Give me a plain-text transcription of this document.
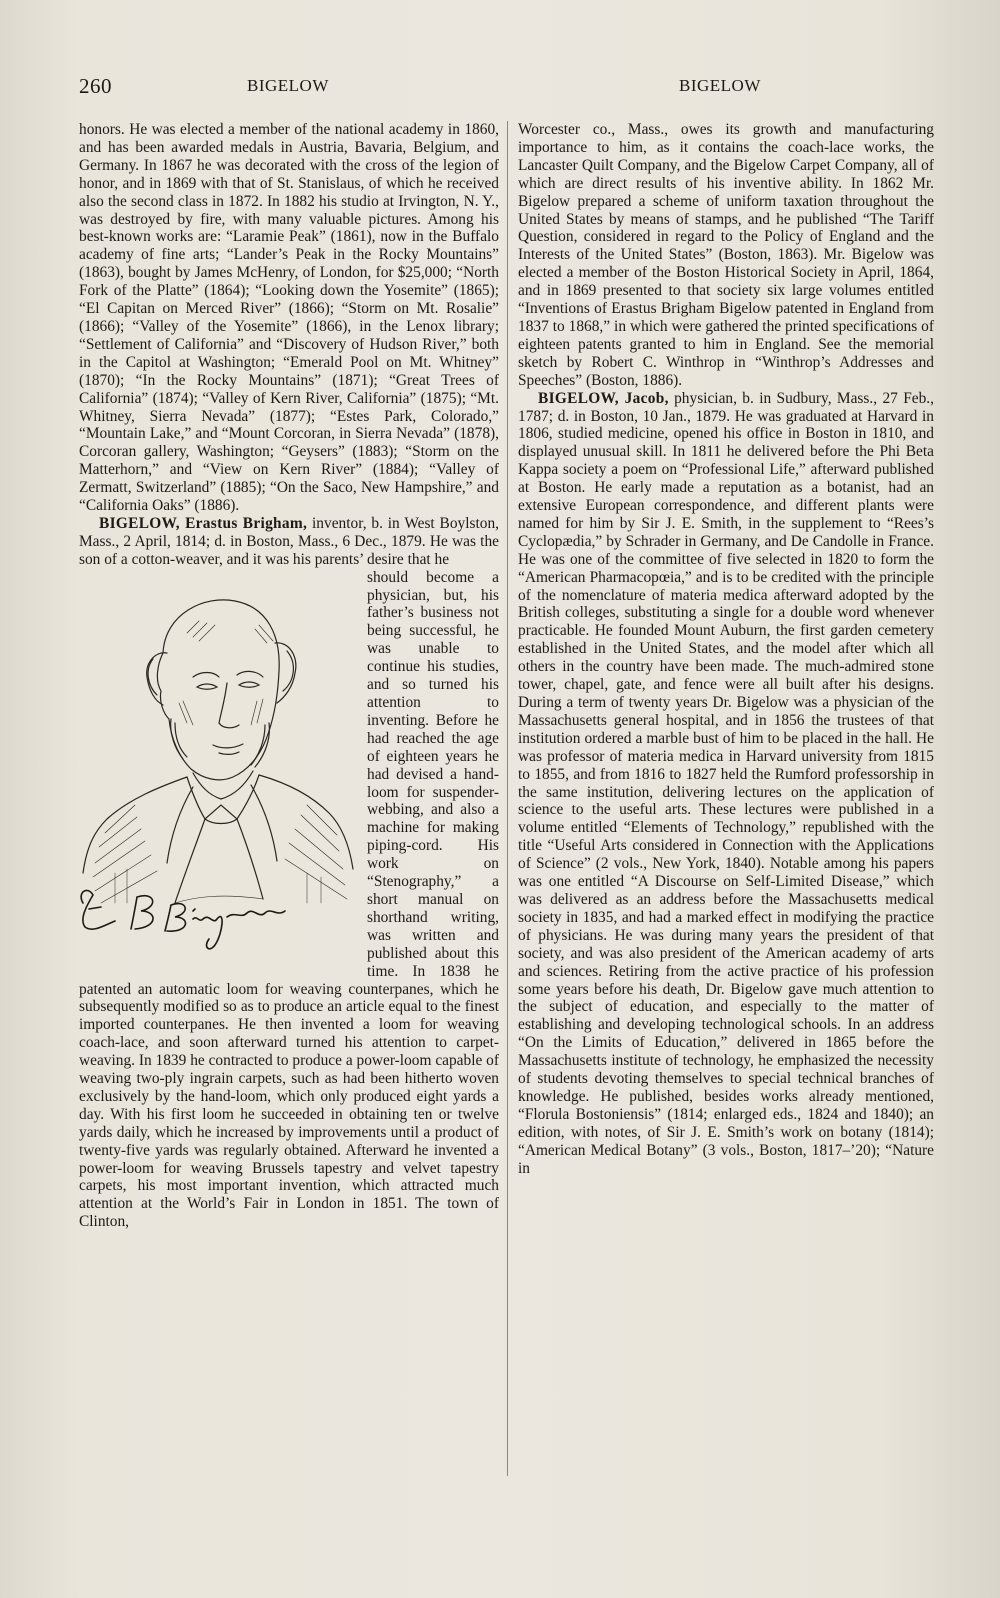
260	BIGELOW	BIGELOW

honors. He was elected a member of the national academy in 1860, and has been awarded medals in Austria, Bavaria, Belgium, and Germany. In 1867 he was decorated with the cross of the legion of honor, and in 1869 with that of St. Stanislaus, of which he received also the second class in 1872. In 1882 his studio at Irvington, N. Y., was destroyed by fire, with many valuable pictures. Among his best-known works are: “Laramie Peak” (1861), now in the Buffalo academy of fine arts; “Lander’s Peak in the Rocky Mountains” (1863), bought by James McHenry, of London, for $25,000; “North Fork of the Platte” (1864); “Looking down the Yosemite” (1865); “El Capitan on Merced River” (1866); “Storm on Mt. Rosalie” (1866); “Valley of the Yosemite” (1866), in the Lenox library; “Settlement of California” and “Discovery of Hudson River,” both in the Capitol at Washington; “Emerald Pool on Mt. Whitney” (1870); “In the Rocky Mountains” (1871); “Great Trees of California” (1874); “Valley of Kern River, California” (1875); “Mt. Whitney, Sierra Nevada” (1877); “Estes Park, Colorado,” “Mountain Lake,” and “Mount Corcoran, in Sierra Nevada” (1878), Corcoran gallery, Washington; “Geysers” (1883); “Storm on the Matterhorn,” and “View on Kern River” (1884); “Valley of Zermatt, Switzerland” (1885); “On the Saco, New Hampshire,” and “California Oaks” (1886).

BIGELOW, Erastus Brigham, inventor, b. in West Boylston, Mass., 2 April, 1814; d. in Boston, Mass., 6 Dec., 1879. He was the son of a cotton-weaver, and it was his parents’ desire that he

should become a physician, but, his father’s business not being successful, he was unable to continue his studies, and so turned his attention to inventing. Before he had reached the age of eighteen years he had devised a hand-loom for suspender-webbing, and also a machine for making piping-cord. His work on “Stenography,” a short manual on shorthand writing, was written and published about this time. In 1838 he patented an automatic loom for weaving counterpanes, which he subsequently modified so as to produce an article equal to the finest imported counterpanes. He then invented a loom for weaving coach-lace, and soon afterward turned his attention to carpet-weaving. In 1839 he contracted to produce a power-loom capable of weaving two-ply ingrain carpets, such as had been hitherto woven exclusively by the hand-loom, which only produced eight yards a day. With his first loom he succeeded in obtaining ten or twelve yards daily, which he increased by improvements until a product of twenty-five yards was regularly obtained. Afterward he invented a power-loom for weaving Brussels tapestry and velvet tapestry carpets, his most important invention, which attracted much attention at the World’s Fair in London in 1851. The town of Clinton,

Worcester co., Mass., owes its growth and manufacturing importance to him, as it contains the coach-lace works, the Lancaster Quilt Company, and the Bigelow Carpet Company, all of which are direct results of his inventive ability. In 1862 Mr. Bigelow prepared a scheme of uniform taxation throughout the United States by means of stamps, and he published “The Tariff Question, considered in regard to the Policy of England and the Interests of the United States” (Boston, 1863). Mr. Bigelow was elected a member of the Boston Historical Society in April, 1864, and in 1869 presented to that society six large volumes entitled “Inventions of Erastus Brigham Bigelow patented in England from 1837 to 1868,” in which were gathered the printed specifications of eighteen patents granted to him in England. See the memorial sketch by Robert C. Winthrop in “Winthrop’s Addresses and Speeches” (Boston, 1886).

BIGELOW, Jacob, physician, b. in Sudbury, Mass., 27 Feb., 1787; d. in Boston, 10 Jan., 1879. He was graduated at Harvard in 1806, studied medicine, opened his office in Boston in 1810, and displayed unusual skill. In 1811 he delivered before the Phi Beta Kappa society a poem on “Professional Life,” afterward published at Boston. He early made a reputation as a botanist, had an extensive European correspondence, and different plants were named for him by Sir J. E. Smith, in the supplement to “Rees’s Cyclopædia,” by Schrader in Germany, and De Candolle in France. He was one of the committee of five selected in 1820 to form the “American Pharmacopœia,” and is to be credited with the principle of the nomenclature of materia medica afterward adopted by the British colleges, substituting a single for a double word whenever practicable. He founded Mount Auburn, the first garden cemetery established in the United States, and the model after which all others in the country have been made. The much-admired stone tower, chapel, gate, and fence were all built after his designs. During a term of twenty years Dr. Bigelow was a physician of the Massachusetts general hospital, and in 1856 the trustees of that institution ordered a marble bust of him to be placed in the hall. He was professor of materia medica in Harvard university from 1815 to 1855, and from 1816 to 1827 held the Rumford professorship in the same institution, delivering lectures on the application of science to the useful arts. These lectures were published in a volume entitled “Elements of Technology,” republished with the title “Useful Arts considered in Connection with the Applications of Science” (2 vols., New York, 1840). Notable among his papers was one entitled “A Discourse on Self-Limited Disease,” which was delivered as an address before the Massachusetts medical society in 1835, and had a marked effect in modifying the practice of physicians. He was during many years the president of that society, and was also president of the American academy of arts and sciences. Retiring from the active practice of his profession some years before his death, Dr. Bigelow gave much attention to the subject of education, and especially to the matter of establishing and developing technological schools. In an address “On the Limits of Education,” delivered in 1865 before the Massachusetts institute of technology, he emphasized the necessity of students devoting themselves to special technical branches of knowledge. He published, besides works already mentioned, “Florula Bostoniensis” (1814; enlarged eds., 1824 and 1840); an edition, with notes, of Sir J. E. Smith’s work on botany (1814); “American Medical Botany” (3 vols., Boston, 1817–’20); “Nature in
